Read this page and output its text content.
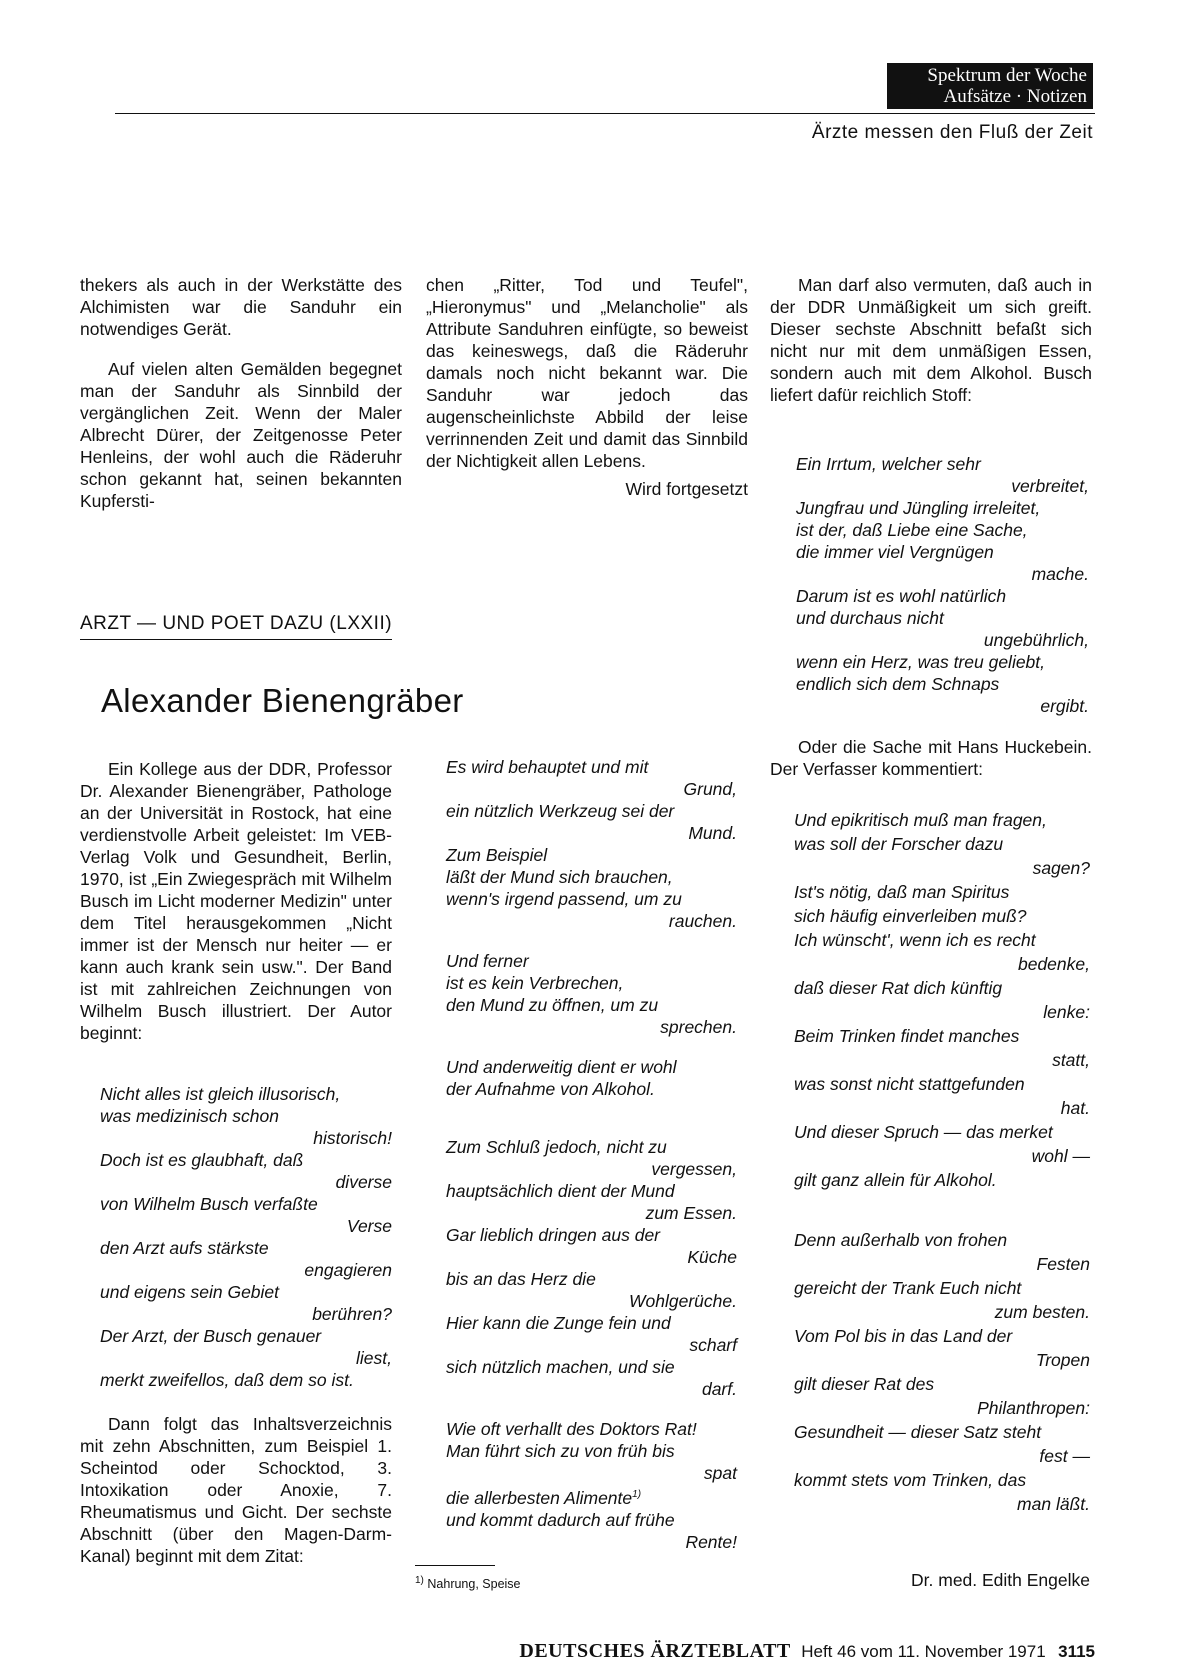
Spektrum der Woche
Aufsätze · Notizen
Ärzte messen den Fluß der Zeit

thekers als auch in der Werkstätte des Alchimisten war die Sanduhr ein notwendiges Gerät.

Auf vielen alten Gemälden begegnet man der Sanduhr als Sinnbild der vergänglichen Zeit. Wenn der Maler Albrecht Dürer, der Zeitgenosse Peter Henleins, der wohl auch die Räderuhr schon gekannt hat, seinen bekannten Kupfersti-

chen „Ritter, Tod und Teufel", „Hieronymus" und „Melancholie" als Attribute Sanduhren einfügte, so beweist das keineswegs, daß die Räderuhr damals noch nicht bekannt war. Die Sanduhr war jedoch das augenscheinlichste Abbild der leise verrinnenden Zeit und damit das Sinnbild der Nichtigkeit allen Lebens.

Wird fortgesetzt

Man darf also vermuten, daß auch in der DDR Unmäßigkeit um sich greift. Dieser sechste Abschnitt befaßt sich nicht nur mit dem unmäßigen Essen, sondern auch mit dem Alkohol. Busch liefert dafür reichlich Stoff:

Ein Irrtum, welcher sehr
verbreitet,
Jungfrau und Jüngling irreleitet,
ist der, daß Liebe eine Sache,
die immer viel Vergnügen
mache.
Darum ist es wohl natürlich
und durchaus nicht
ungebührlich,
wenn ein Herz, was treu geliebt,
endlich sich dem Schnaps
ergibt.
ARZT — UND POET DAZU (LXXII)
Alexander Bienengräber

Ein Kollege aus der DDR, Professor Dr. Alexander Bienengräber, Pathologe an der Universität in Rostock, hat eine verdienstvolle Arbeit geleistet: Im VEB-Verlag Volk und Gesundheit, Berlin, 1970, ist „Ein Zwiegespräch mit Wilhelm Busch im Licht moderner Medizin" unter dem Titel herausgekommen „Nicht immer ist der Mensch nur heiter — er kann auch krank sein usw.". Der Band ist mit zahlreichen Zeichnungen von Wilhelm Busch illustriert. Der Autor beginnt:

Nicht alles ist gleich illusorisch,
was medizinisch schon
historisch!
Doch ist es glaubhaft, daß
diverse
von Wilhelm Busch verfaßte
Verse
den Arzt aufs stärkste
engagieren
und eigens sein Gebiet
berühren?
Der Arzt, der Busch genauer
liest,
merkt zweifellos, daß dem so ist.

Dann folgt das Inhaltsverzeichnis mit zehn Abschnitten, zum Beispiel 1. Scheintod oder Schocktod, 3. Intoxikation oder Anoxie, 7. Rheumatismus und Gicht. Der sechste Abschnitt (über den Magen-Darm-Kanal) beginnt mit dem Zitat:

Es wird behauptet und mit
Grund,
ein nützlich Werkzeug sei der
Mund.
Zum Beispiel
läßt der Mund sich brauchen,
wenn's irgend passend, um zu
rauchen.
Und ferner
ist es kein Verbrechen,
den Mund zu öffnen, um zu
sprechen.
Und anderweitig dient er wohl
der Aufnahme von Alkohol.
Zum Schluß jedoch, nicht zu
vergessen,
hauptsächlich dient der Mund
zum Essen.
Gar lieblich dringen aus der
Küche
bis an das Herz die
Wohlgerüche.
Hier kann die Zunge fein und
scharf
sich nützlich machen, und sie
darf.
Wie oft verhallt des Doktors Rat!
Man führt sich zu von früh bis
spat
die allerbesten Alimente$^{1)}$
und kommt dadurch auf frühe
Rente!
$^{1)}$ Nahrung, Speise

Oder die Sache mit Hans Huckebein. Der Verfasser kommentiert:

Und epikritisch muß man fragen,
was soll der Forscher dazu
sagen?
Ist's nötig, daß man Spiritus
sich häufig einverleiben muß?
Ich wünscht', wenn ich es recht
bedenke,
daß dieser Rat dich künftig
lenke:
Beim Trinken findet manches
statt,
was sonst nicht stattgefunden
hat.
Und dieser Spruch — das merket
wohl —
gilt ganz allein für Alkohol.
Denn außerhalb von frohen
Festen
gereicht der Trank Euch nicht
zum besten.
Vom Pol bis in das Land der
Tropen
gilt dieser Rat des
Philanthropen:
Gesundheit — dieser Satz steht
fest —
kommt stets vom Trinken, das
man läßt.
Dr. med. Edith Engelke
DEUTSCHES ÄRZTEBLATT Heft 46 vom 11. November 1971 3115
